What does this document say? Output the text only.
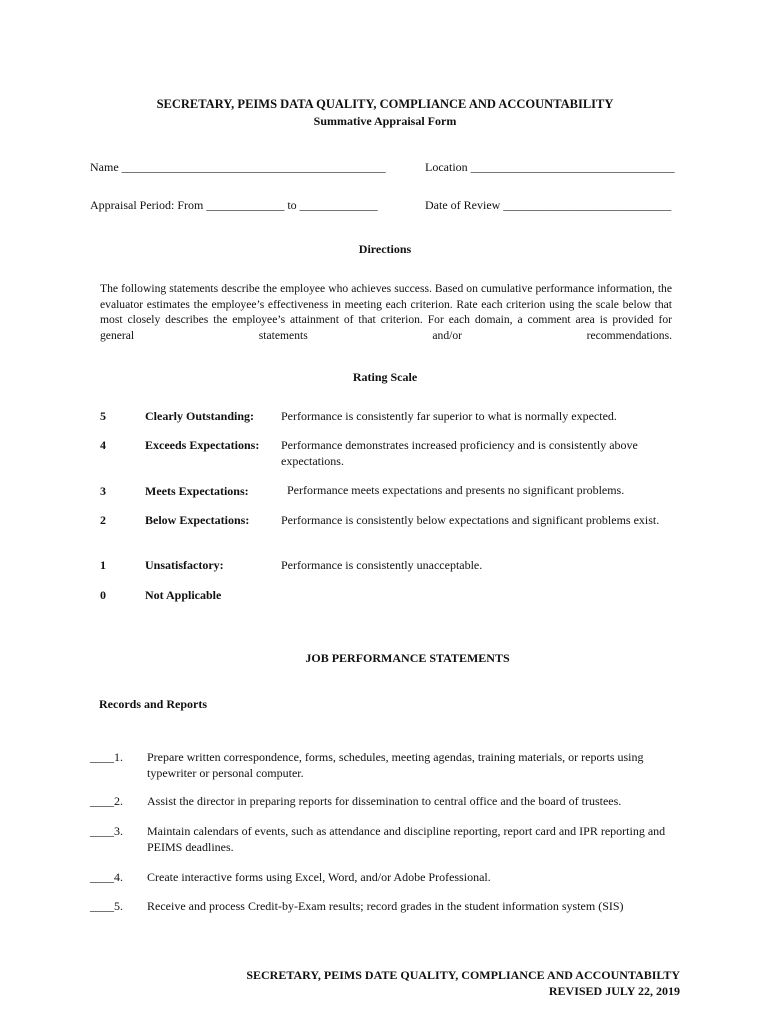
SECRETARY, PEIMS DATA QUALITY, COMPLIANCE AND ACCOUNTABILITY
Summative Appraisal Form
Name ____________________________________________	Location __________________________________
Appraisal Period: From _____________ to _____________	Date of Review ____________________________
Directions
The following statements describe the employee who achieves success. Based on cumulative performance information, the evaluator estimates the employee’s effectiveness in meeting each criterion. Rate each criterion using the scale below that most closely describes the employee’s attainment of that criterion. For each domain, a comment area is provided for general statements and/or recommendations.
Rating Scale
5	Clearly Outstanding: Performance is consistently far superior to what is normally expected.
4	Exceeds Expectations: Performance demonstrates increased proficiency and is consistently above expectations.
3	Meets Expectations:	Performance meets expectations and presents no significant problems.
2	Below Expectations:	Performance is consistently below expectations and significant problems exist.
1	Unsatisfactory:	Performance is consistently unacceptable.
0	Not Applicable
JOB PERFORMANCE STATEMENTS
Records and Reports
____1. Prepare written correspondence, forms, schedules, meeting agendas, training materials, or reports using typewriter or personal computer.
____2. Assist the director in preparing reports for dissemination to central office and the board of trustees.
____3. Maintain calendars of events, such as attendance and discipline reporting, report card and IPR reporting and PEIMS deadlines.
____4. Create interactive forms using Excel, Word, and/or Adobe Professional.
____5. Receive and process Credit-by-Exam results; record grades in the student information system (SIS)
SECRETARY, PEIMS DATE QUALITY, COMPLIANCE AND ACCOUNTABILTY
REVISED JULY 22, 2019
